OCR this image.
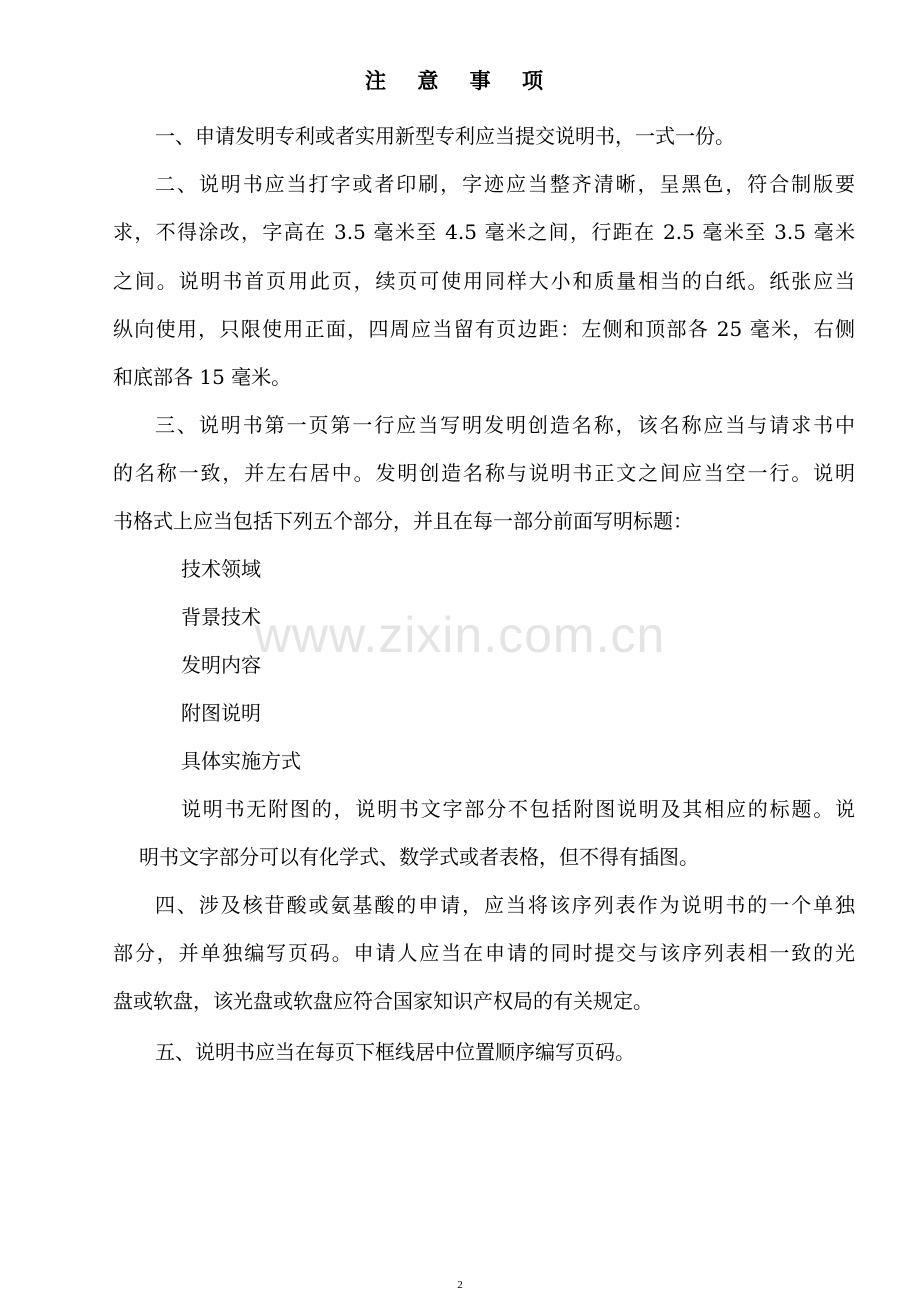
注 意 事 项
一、申请发明专利或者实用新型专利应当提交说明书，一式一份。
二、说明书应当打字或者印刷，字迹应当整齐清晰，呈黑色，符合制版要
求，不得涂改，字高在 3.5 毫米至 4.5 毫米之间，行距在 2.5 毫米至 3.5 毫米
之间。说明书首页用此页，续页可使用同样大小和质量相当的白纸。纸张应当
纵向使用，只限使用正面，四周应当留有页边距：左侧和顶部各 25 毫米，右侧
和底部各 15 毫米。
三、说明书第一页第一行应当写明发明创造名称，该名称应当与请求书中
的名称一致，并左右居中。发明创造名称与说明书正文之间应当空一行。说明
书格式上应当包括下列五个部分，并且在每一部分前面写明标题：
技术领域
背景技术
发明内容
附图说明
具体实施方式
说明书无附图的，说明书文字部分不包括附图说明及其相应的标题。说
明书文字部分可以有化学式、数学式或者表格，但不得有插图。
四、涉及核苷酸或氨基酸的申请，应当将该序列表作为说明书的一个单独
部分，并单独编写页码。申请人应当在申请的同时提交与该序列表相一致的光
盘或软盘，该光盘或软盘应符合国家知识产权局的有关规定。
五、说明书应当在每页下框线居中位置顺序编写页码。
www.zixin.com.cn
2
